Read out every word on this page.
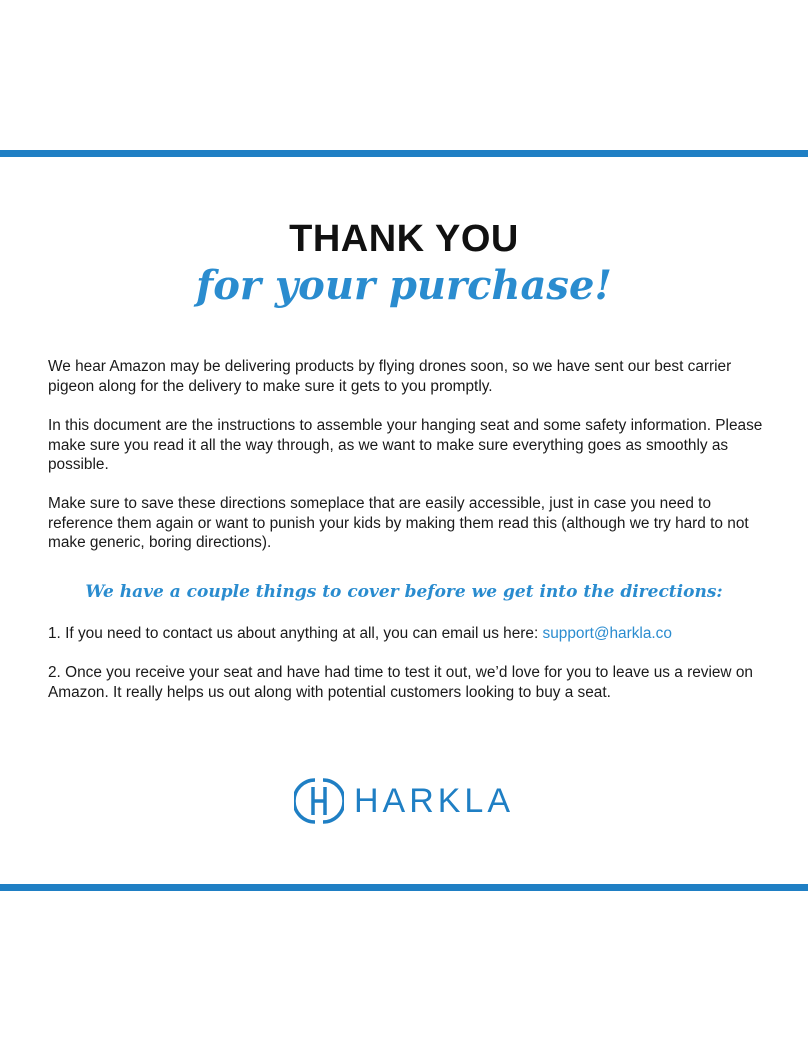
THANK YOU
for your purchase!

We hear Amazon may be delivering products by flying drones soon, so we have sent our best carrier pigeon along for the delivery to make sure it gets to you promptly.

In this document are the instructions to assemble your hanging seat and some safety information. Please make sure you read it all the way through, as we want to make sure everything goes as smoothly as possible.

Make sure to save these directions someplace that are easily accessible, just in case you need to reference them again or want to punish your kids by making them read this (although we try hard to not make generic, boring directions).

We have a couple things to cover before we get into the directions:

1. If you need to contact us about anything at all, you can email us here: support@harkla.co

2. Once you receive your seat and have had time to test it out, we’d love for you to leave us a review on Amazon. It really helps us out along with potential customers looking to buy a seat.

HARKLA
